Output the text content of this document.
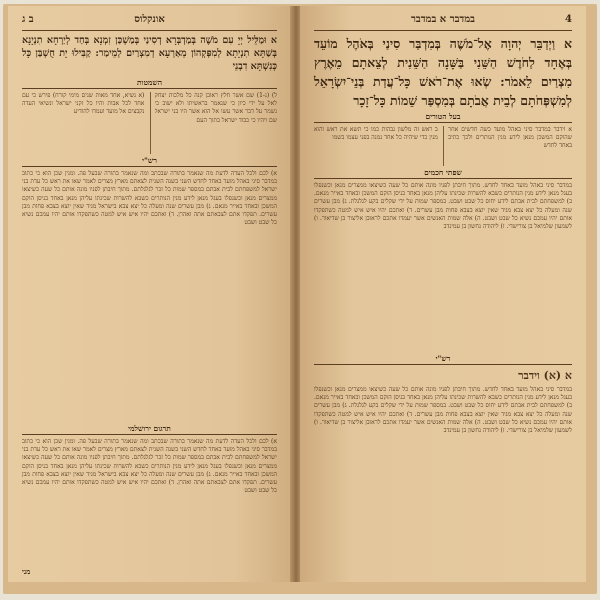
ב ג	אונקלוס
א וּמַלֵּיל יְיָ עִם מֹשֶׁה בְּמַדְבְּרָא דְסִינַי בְּמַשְׁכַּן זִמְנָא בְּחַד לְיַרְחָא תִנְיָנָא בְּשַׁתָּא תִנְיָתָא לְמִפְּקְהוֹן מֵאַרְעָא דְמִצְרַיִם לְמֵימַר: קַבִּילוּ יָת חֻשְׁבַּן כָּל כְּנִשְׁתָּא דִבְנֵי
השמטות
ל) (נ-1) שם אשר חלץ ראובן קנה כל מלכות יצחק לאל על ידי כיון כי שנאמר בראשיתו ולא ישוב כי נשמר על דבר אשר עשו אל הוא אשר היו בני ישראל שם ויהיו כי כבוד ישראל בתוך העם
(א נשיא, אחד מאות שנים מימי קורח) פירש כי עם אחד לכל אבות והיו כל זקני ישראל ונשיאי העדה נקבצים אל מועד ועמדו להודיע
רש"י
א) לכם ולכל העדה לדעת מה שנאמר בתורה שבכתב ומה שנאמר בתורה שבעל פה. ומנין שכן הוא כי כתוב במדבר סיני באהל מועד באחד לחדש השני בשנה השנית לצאתם מארץ מצרים לאמר שאו את ראש כל עדת בני ישראל למשפחתם לבית אבתם במספר שמות כל זכר לגלגלתם. מתוך חיבתן לפניו מונה אותם כל שעה כשיצאו ממצרים מנאן וכשנפלו בעגל מנאן לידע מנין הנותרים כשבא להשרות שכינתו עליהן מנאן באחד בניסן הוקם המשכן ובאחד באייר מנאם. ג) מבן עשרים שנה ומעלה כל יצא צבא בישראל מגיד שאין יוצא בצבא פחות מבן עשרים. תפקדו אתם לצבאתם אתה ואהרן. ד) ואתכם יהיו איש איש למטה כשתפקדו אותם יהיו עמכם נשיא כל שבט ושבט
תרגום ירושלמי
א) לכם ולכל העדה לדעת מה שנאמר בתורה שבכתב ומה שנאמר בתורה שבעל פה. ומנין שכן הוא כי כתוב במדבר סיני באהל מועד באחד לחדש השני בשנה השנית לצאתם מארץ מצרים לאמר שאו את ראש כל עדת בני ישראל למשפחתם לבית אבתם במספר שמות כל זכר לגלגלתם. מתוך חיבתן לפניו מונה אותם כל שעה כשיצאו ממצרים מנאן וכשנפלו בעגל מנאן לידע מנין הנותרים כשבא להשרות שכינתו עליהן מנאן באחד בניסן הוקם המשכן ובאחד באייר מנאם. ג) מבן עשרים שנה ומעלה כל יצא צבא בישראל מגיד שאין יוצא בצבא פחות מבן עשרים. תפקדו אתם לצבאתם אתה ואהרן. ד) ואתכם יהיו איש איש למטה כשתפקדו אותם יהיו עמכם נשיא כל שבט ושבט
מני
4
במדבר א במדבר
א וַיְדַבֵּר יְהוָה אֶל־מֹשֶׁה בְּמִדְבַּר סִינַי בְּאֹהֶל מוֹעֵד בְּאֶחָד לַחֹדֶשׁ הַשֵּׁנִי בַּשָּׁנָה הַשֵּׁנִית לְצֵאתָם מֵאֶרֶץ מִצְרַיִם לֵאמֹר: שְׂאוּ אֶת־רֹאשׁ כָּל־עֲדַת בְּנֵי־יִשְׂרָאֵל לְמִשְׁפְּחֹתָם לְבֵית אֲבֹתָם בְּמִסְפַּר שֵׁמוֹת כָּל־זָכָר
בעל הטורים
א וידבר במדבר סיני באהל מועד כשה חדשים אחר שהוקם המשכן מנאן לידע מנין הנותרים ולכך כתיב באחד לחדש
ב ראש זה מלשון גבהות כמו כי תשא את ראש והוא מנין כדי שיהיה כל אחד נמנה בפני עצמו בשמו
שפתי חכמים
במדבר סיני באהל מועד באחד לחדש. מתוך חיבתן לפניו מונה אותם כל שעה כשיצאו ממצרים מנאן וכשנפלו בעגל מנאן לידע מנין הנותרים כשבא להשרות שכינתו עליהן מנאן באחד בניסן הוקם המשכן ובאחד באייר מנאם. ב) למשפחתם לבית אבתם לידע יחוס כל שבט ושבט. במספר שמות על ידי שקלים בקע לגלגלת. ג) מבן עשרים שנה ומעלה כל יצא צבא מגיד שאין יוצא בצבא פחות מבן עשרים. ד) ואתכם יהיו איש איש למטה כשתפקדו אותם יהיו עמכם נשיא כל שבט ושבט. ה) אלה שמות האנשים אשר יעמדו אתכם לראובן אליצור בן שדיאור. ו) לשמעון שלמיאל בן צורישדי. ז) ליהודה נחשון בן עמינדב
רש"י
א (א) וידבר
במדבר סיני באהל מועד באחד לחדש. מתוך חיבתן לפניו מונה אותם כל שעה כשיצאו ממצרים מנאן וכשנפלו בעגל מנאן לידע מנין הנותרים כשבא להשרות שכינתו עליהן מנאן באחד בניסן הוקם המשכן ובאחד באייר מנאם. ב) למשפחתם לבית אבתם לידע יחוס כל שבט ושבט. במספר שמות על ידי שקלים בקע לגלגלת. ג) מבן עשרים שנה ומעלה כל יצא צבא מגיד שאין יוצא בצבא פחות מבן עשרים. ד) ואתכם יהיו איש איש למטה כשתפקדו אותם יהיו עמכם נשיא כל שבט ושבט. ה) אלה שמות האנשים אשר יעמדו אתכם לראובן אליצור בן שדיאור. ו) לשמעון שלמיאל בן צורישדי. ז) ליהודה נחשון בן עמינדב
